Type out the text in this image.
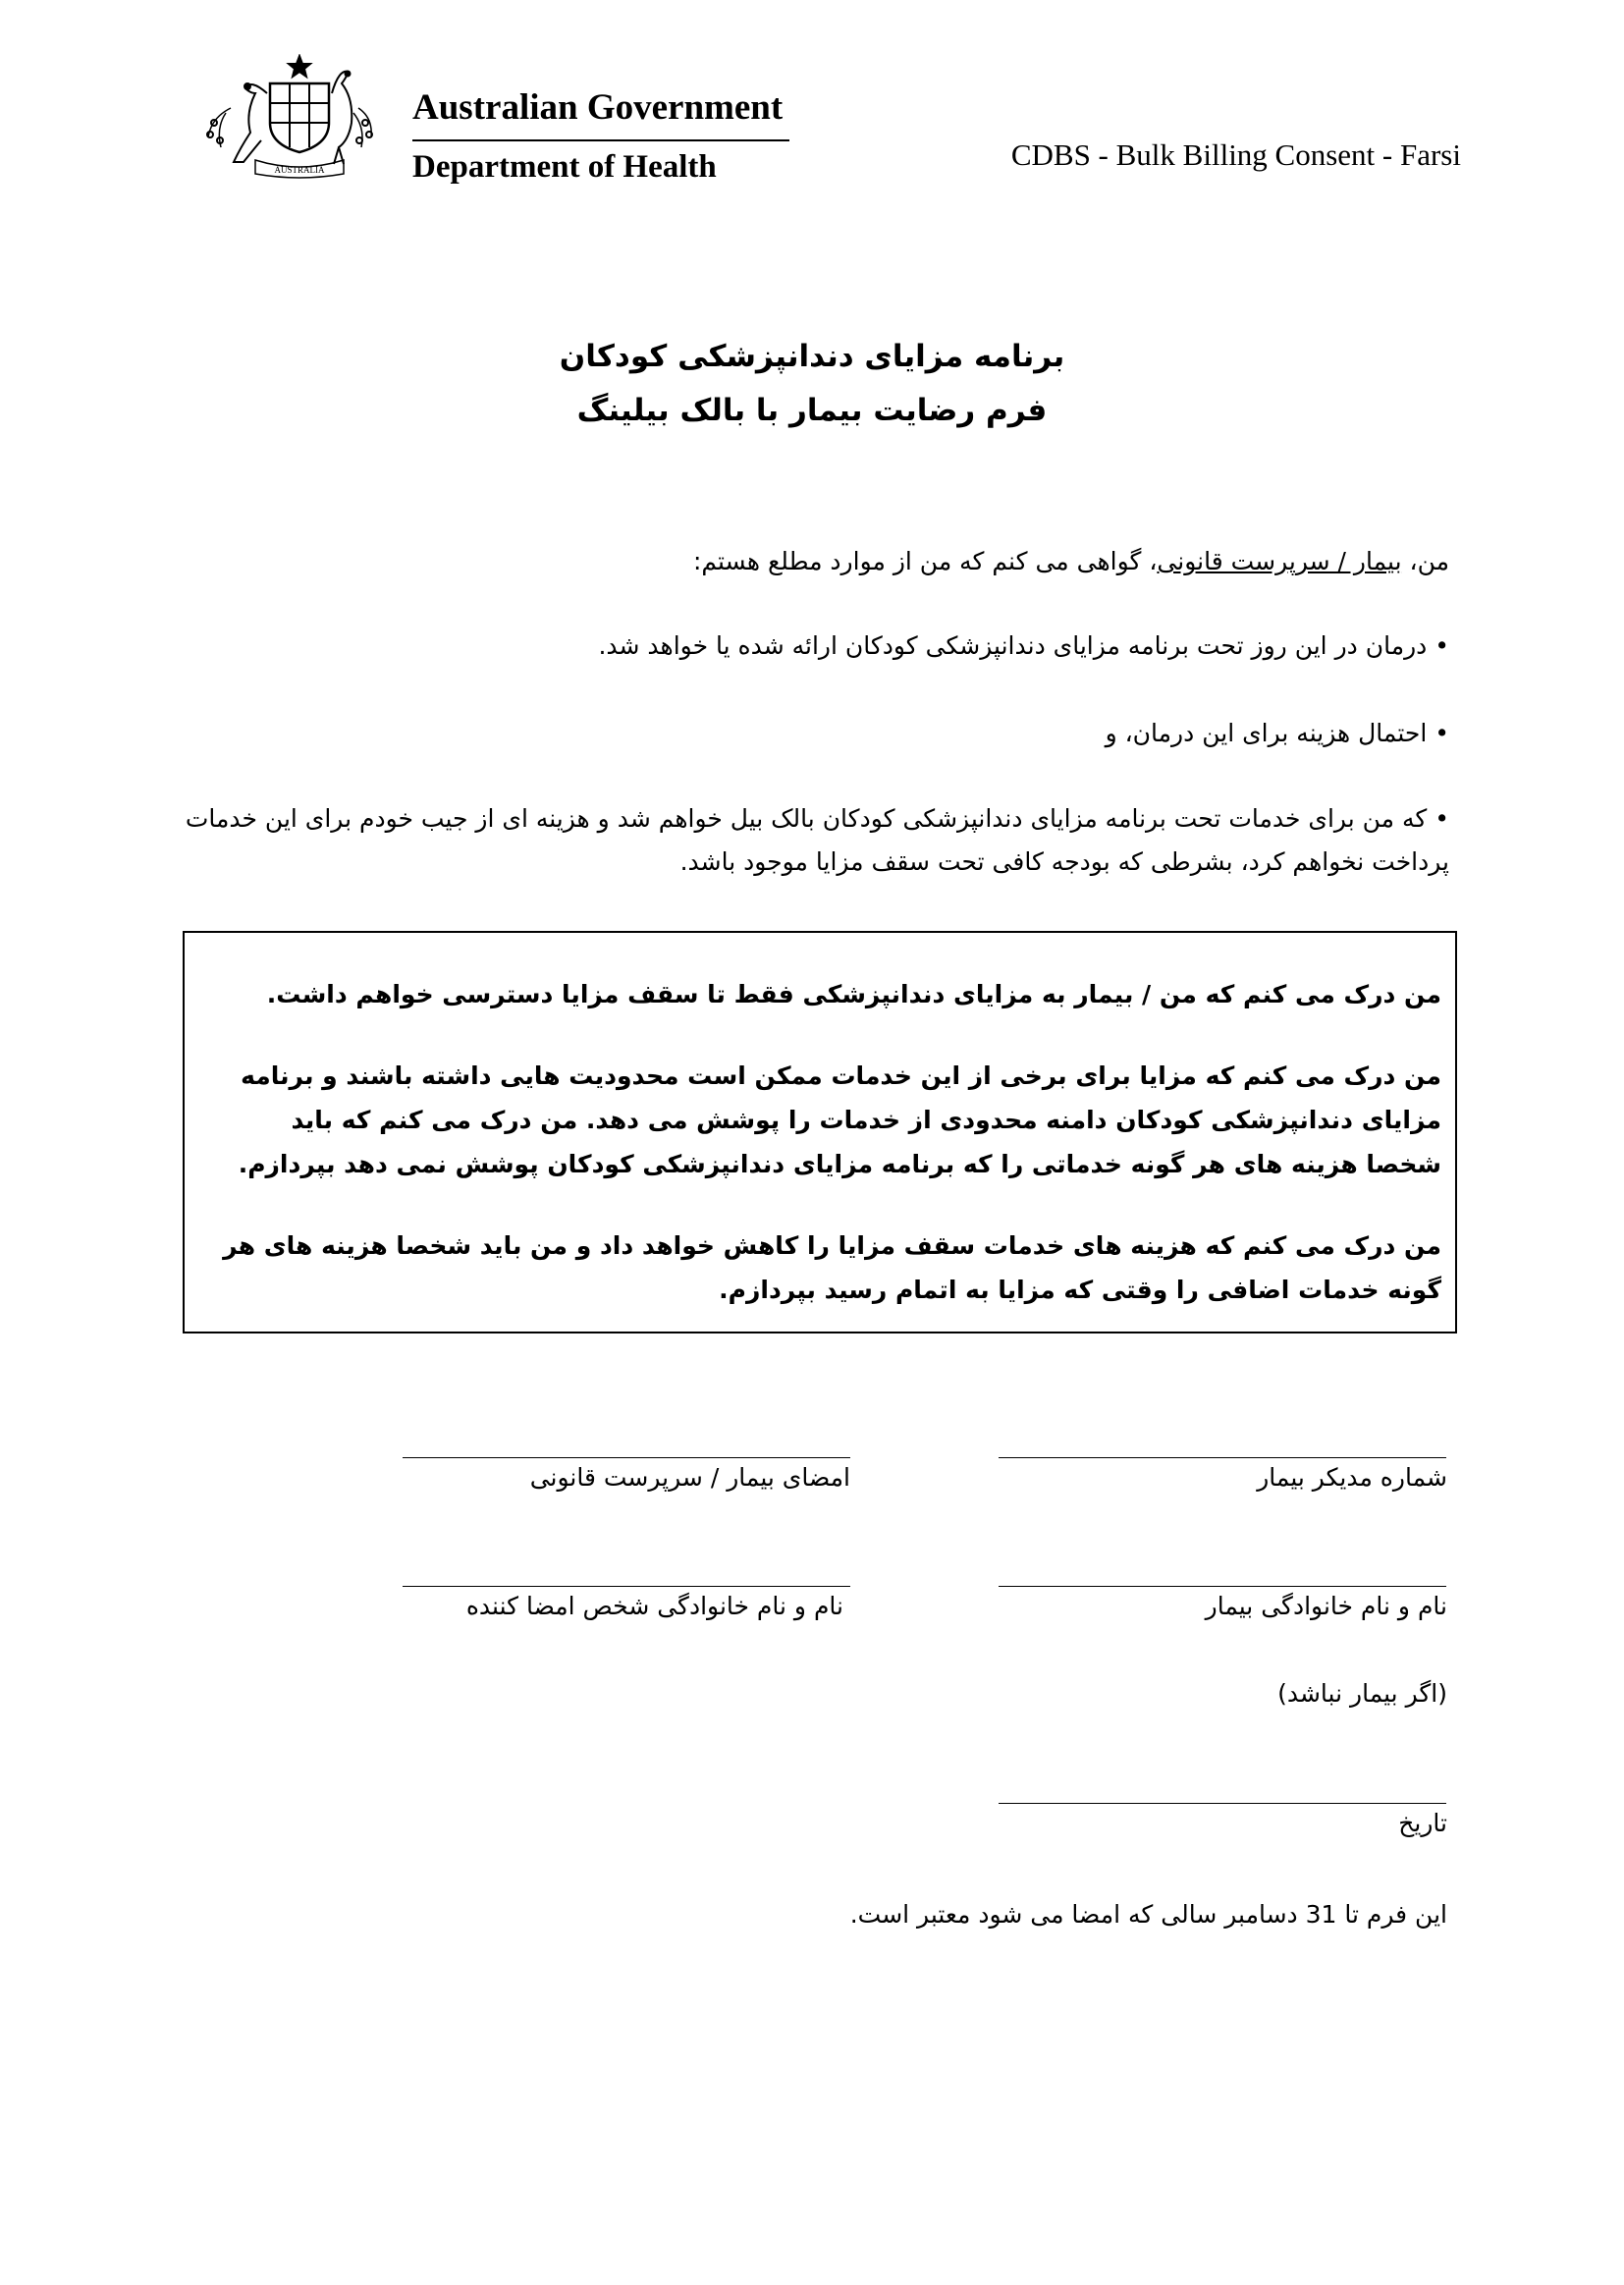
AUSTRALIA
Australian Government
Department of Health	CDBS - Bulk Billing Consent - Farsi
برنامه مزایای دندانپزشکی کودکان
فرم رضایت بیمار با بالک بیلینگ
من، بیمار / سرپرست قانونی، گواهی می کنم که من از موارد مطلع هستم:
• درمان در این روز تحت برنامه مزایای دندانپزشکی کودکان ارائه شده یا خواهد شد.
• احتمال هزینه برای این درمان، و
• که من برای خدمات تحت برنامه مزایای دندانپزشکی کودکان بالک بیل خواهم شد و هزینه ای از جیب خودم برای این خدمات پرداخت نخواهم کرد، بشرطی که بودجه کافی تحت سقف مزایا موجود باشد.

من درک می کنم که من / بیمار به مزایای دندانپزشکی فقط تا سقف مزایا دسترسی خواهم داشت.

من درک می کنم که مزایا برای برخی از این خدمات ممکن است محدودیت هایی داشته باشند و برنامه مزایای دندانپزشکی کودکان دامنه محدودی از خدمات را پوشش می دهد. من درک می کنم که باید شخصا هزینه های هر گونه خدماتی را که برنامه مزایای دندانپزشکی کودکان پوشش نمی دهد بپردازم.

من درک می کنم که هزینه های خدمات سقف مزایا را کاهش خواهد داد و من باید شخصا هزینه های هر گونه خدمات اضافی را وقتی که مزایا به اتمام رسید بپردازم.

شماره مدیکر بیمار
امضای بیمار / سرپرست قانونی
نام و نام خانوادگی بیمار
نام و نام خانوادگی شخص امضا کننده
(اگر بیمار نباشد)
تاریخ
این فرم تا 31 دسامبر سالی که امضا می شود معتبر است.
